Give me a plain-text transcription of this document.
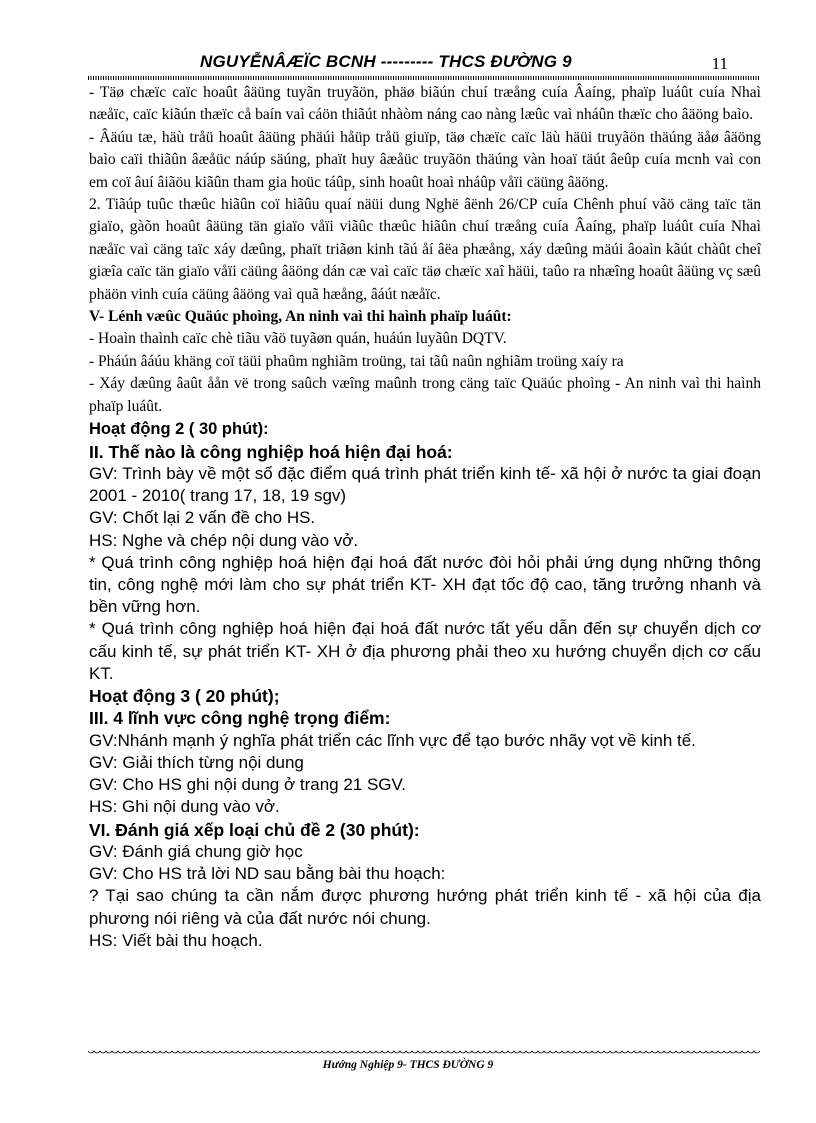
NGUYỄNÂÆÏC BCNH --------- THCS ĐƯỜNG 9	11

- Täø chæïc caïc hoaût âäüng tuyãn truyãön, phäø biãún chuí træång cuía Âaíng, phaïp luáût cuía Nhaì næåïc, caïc kiãún thæïc cå baín vaì cáön thiãút nhàòm náng cao nàng læûc vaì nháûn thæïc cho âäöng baìo.

- Âäúu tæ, häù tråü hoaût âäüng phäúi håüp tråü giuïp, täø chæïc caïc läù häüi truyãön thäúng äåø âäöng baìo caïi thiãûn âæåüc náúp säúng, phaït huy âæåüc truyãön thäúng vàn hoaï täút âeûp cuía mcnh vaì con em coï âuí âiãöu kiãûn tham gia hoüc táûp, sinh hoaût hoaì nháûp våïi cäüng âäöng.

2. Tiãúp tuûc thæûc hiãûn coï hiãûu quaí näüi dung Nghë âënh 26/CP cuía Chênh phuí vãö cäng taïc tän giaïo, gàõn hoaût âäüng tän giaïo våïi viãûc thæûc hiãûn chuí træång cuía Âaíng, phaïp luáût cuía Nhaì næåïc vaì cäng taïc xáy dæûng, phaït triãøn kinh tãú åí âëa phæång, xáy dæûng mäúi âoaìn kãút chàût cheî giæîa caïc tän giaïo våïi cäüng âäöng dán cæ vaì caïc täø chæïc xaî häüi, taûo ra nhæîng hoaût âäüng vç sæû phäön vinh cuía cäüng âäöng vaì quã hæång, âáút næåïc.

V- Lénh væûc Quäúc phoìng, An ninh vaì thi haình phaïp luáût:

- Hoaìn thaình caïc chè tiãu vãö tuyãøn quán, huáún luyãûn DQTV.

- Pháún âáúu khäng coï täüi phaûm nghiãm troüng, tai tãû naûn nghiãm troüng xaíy ra

- Xáy dæûng âaût åån vë trong saûch væîng maûnh trong cäng taïc Quäúc phoìng - An ninh vaì thi haình phaïp luáût.

Hoạt động 2 ( 30 phút):

II. Thế nào là công nghiệp hoá hiện đại hoá:

GV: Trình bày về một số đặc điểm quá trình phát triển kinh tế- xã hội ở nước ta giai đoạn 2001 - 2010( trang 17, 18, 19 sgv)

GV: Chốt lại 2 vấn đề cho HS.

HS: Nghe và chép nội dung vào vở.

* Quá trình công nghiệp hoá hiện đại hoá đất nước đòi hỏi phải ứng dụng những thông tin, công nghệ mới làm cho sự phát triển KT- XH đạt tốc độ cao, tăng trưởng nhanh và bền vững hơn.

* Quá trình công nghiệp hoá hiện đại hoá đất nước tất yếu dẫn đến sự chuyển dịch cơ cấu kinh tế, sự phát triển KT- XH ở địa phương phải theo xu hướng chuyển dịch cơ cấu KT.

Hoạt động 3 ( 20 phút);

III. 4 lĩnh vực công nghệ trọng điểm:

GV:Nhánh mạnh ý nghĩa phát triển các lĩnh vực để tạo bước nhãy vọt về kinh tế.

GV: Giải thích từng nội dung

GV: Cho HS ghi nội dung ở trang 21 SGV.

HS: Ghi nội dung vào vở.

VI. Đánh giá xếp loại chủ đề 2 (30 phút):

GV: Đánh giá chung giờ học

GV: Cho HS trả lời ND sau bằng bài thu hoạch:

? Tại sao chúng ta cần nắm được phương hướng phát triển kinh tế - xã hội của địa phương nói riêng và của đất nước nói chung.

HS: Viết bài thu hoạch.

Hướng Nghiệp 9- THCS ĐƯỜNG 9
